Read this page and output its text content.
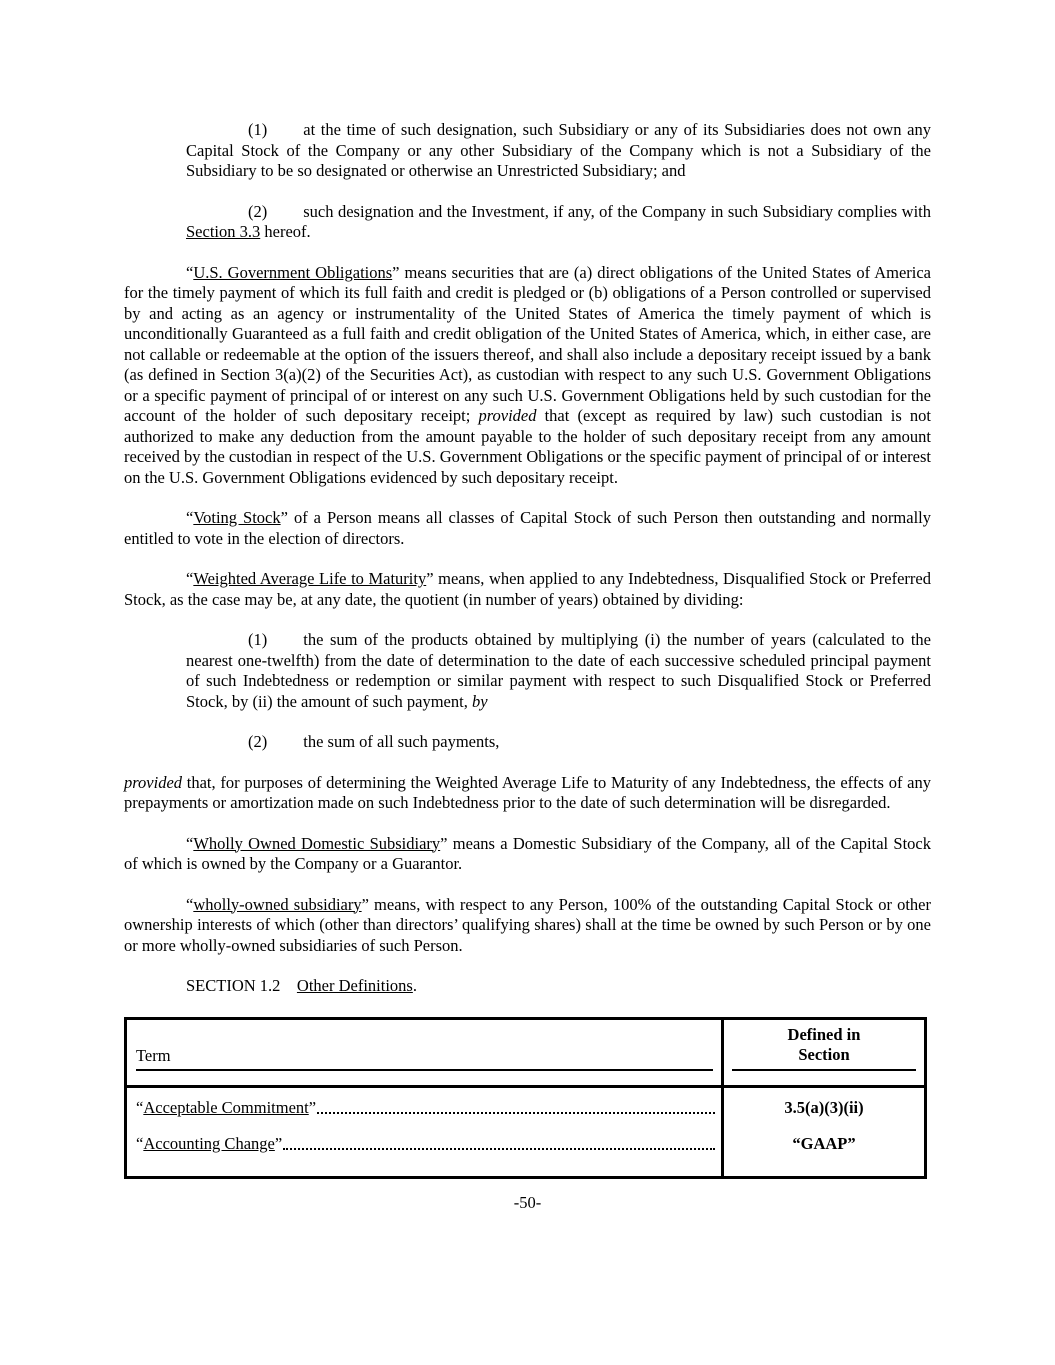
(1) at the time of such designation, such Subsidiary or any of its Subsidiaries does not own any Capital Stock of the Company or any other Subsidiary of the Company which is not a Subsidiary of the Subsidiary to be so designated or otherwise an Unrestricted Subsidiary; and

(2) such designation and the Investment, if any, of the Company in such Subsidiary complies with Section 3.3 hereof.

“U.S. Government Obligations” means securities that are (a) direct obligations of the United States of America for the timely payment of which its full faith and credit is pledged or (b) obligations of a Person controlled or supervised by and acting as an agency or instrumentality of the United States of America the timely payment of which is unconditionally Guaranteed as a full faith and credit obligation of the United States of America, which, in either case, are not callable or redeemable at the option of the issuers thereof, and shall also include a depositary receipt issued by a bank (as defined in Section 3(a)(2) of the Securities Act), as custodian with respect to any such U.S. Government Obligations or a specific payment of principal of or interest on any such U.S. Government Obligations held by such custodian for the account of the holder of such depositary receipt; provided that (except as required by law) such custodian is not authorized to make any deduction from the amount payable to the holder of such depositary receipt from any amount received by the custodian in respect of the U.S. Government Obligations or the specific payment of principal of or interest on the U.S. Government Obligations evidenced by such depositary receipt.

“Voting Stock” of a Person means all classes of Capital Stock of such Person then outstanding and normally entitled to vote in the election of directors.

“Weighted Average Life to Maturity” means, when applied to any Indebtedness, Disqualified Stock or Preferred Stock, as the case may be, at any date, the quotient (in number of years) obtained by dividing:

(1) the sum of the products obtained by multiplying (i) the number of years (calculated to the nearest one-twelfth) from the date of determination to the date of each successive scheduled principal payment of such Indebtedness or redemption or similar payment with respect to such Disqualified Stock or Preferred Stock, by (ii) the amount of such payment, by

(2) the sum of all such payments,

provided that, for purposes of determining the Weighted Average Life to Maturity of any Indebtedness, the effects of any prepayments or amortization made on such Indebtedness prior to the date of such determination will be disregarded.

“Wholly Owned Domestic Subsidiary” means a Domestic Subsidiary of the Company, all of the Capital Stock of which is owned by the Company or a Guarantor.

“wholly-owned subsidiary” means, with respect to any Person, 100% of the outstanding Capital Stock or other ownership interests of which (other than directors’ qualifying shares) shall at the time be owned by such Person or by one or more wholly-owned subsidiaries of such Person.

SECTION 1.2 Other Definitions.

Term
Defined in
Section
“Acceptable Commitment”	3.5(a)(3)(ii)
“Accounting Change”	“GAAP”
-50-
